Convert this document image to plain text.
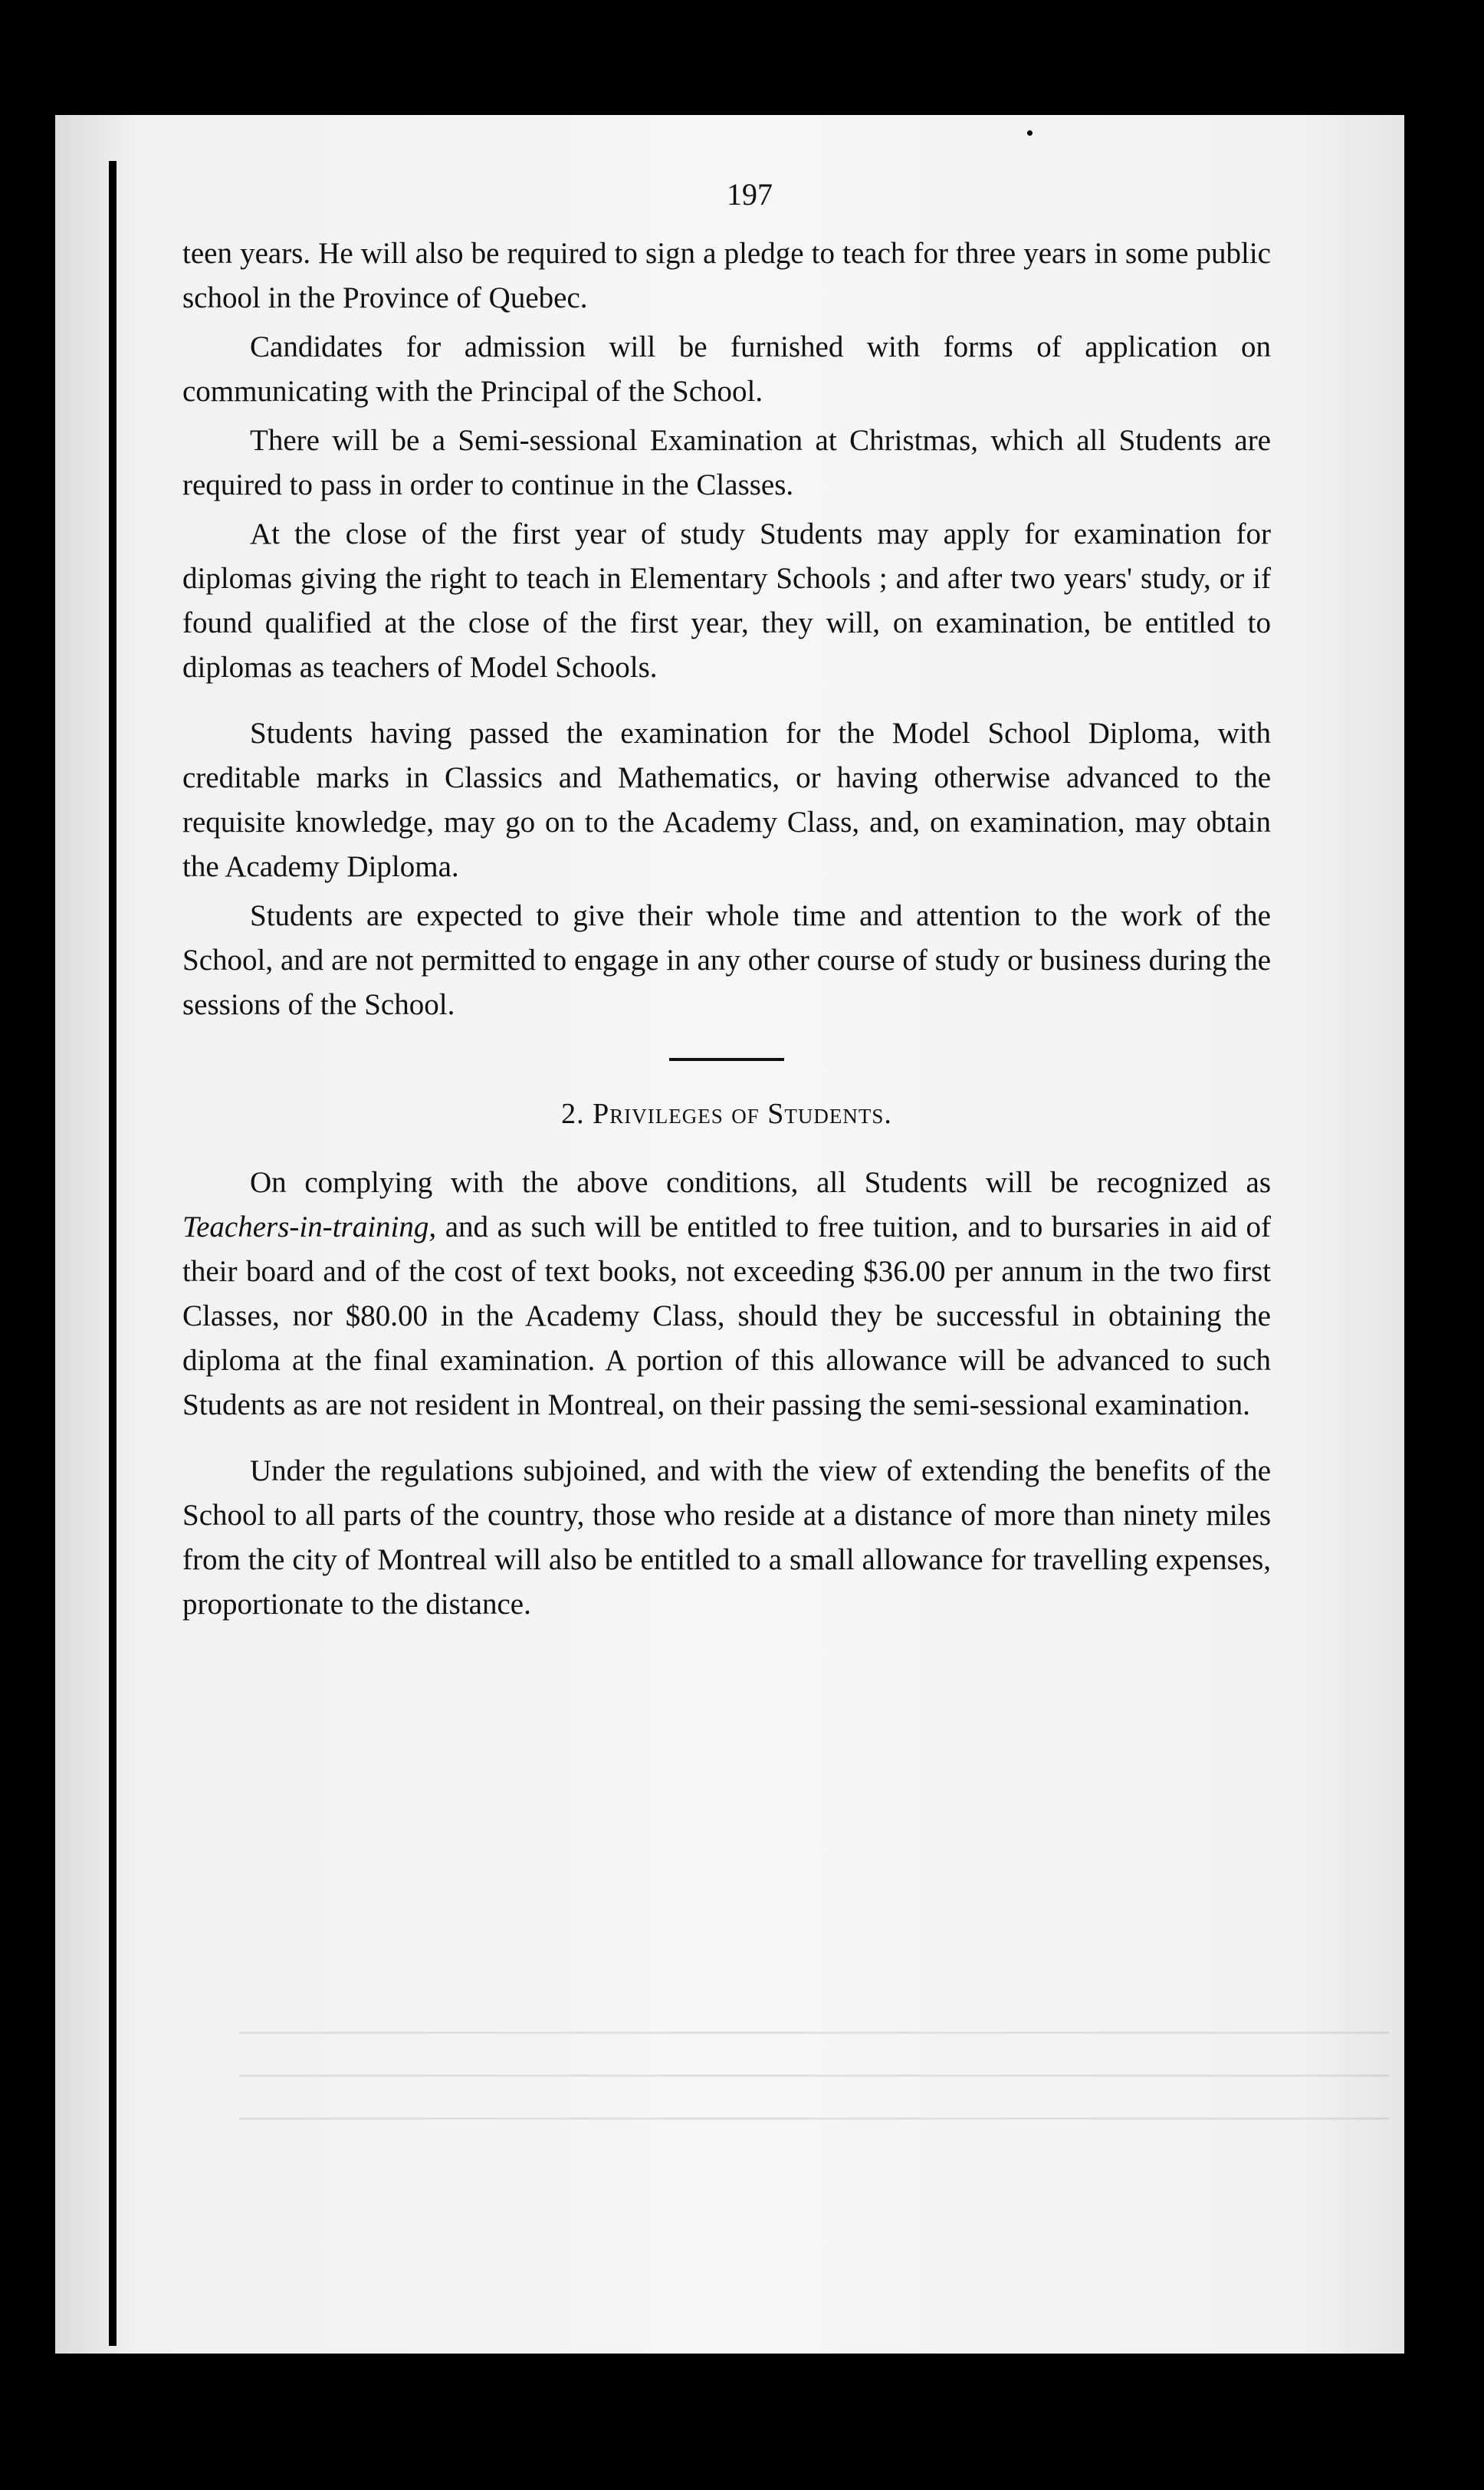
197

teen years. He will also be required to sign a pledge to teach for three years in some public school in the Province of Quebec.

Candidates for admission will be furnished with forms of application on communicating with the Principal of the School.

There will be a Semi-sessional Examination at Christmas, which all Students are required to pass in order to continue in the Classes.

At the close of the first year of study Students may apply for examination for diplomas giving the right to teach in Elementary Schools ; and after two years' study, or if found qualified at the close of the first year, they will, on examination, be entitled to diplomas as teachers of Model Schools.

Students having passed the examination for the Model School Diploma, with creditable marks in Classics and Mathematics, or having otherwise advanced to the requisite knowledge, may go on to the Academy Class, and, on examination, may obtain the Academy Diploma.

Students are expected to give their whole time and attention to the work of the School, and are not permitted to engage in any other course of study or business during the sessions of the School.

2. Privileges of Students.

On complying with the above conditions, all Students will be recognized as Teachers-in-training, and as such will be entitled to free tuition, and to bursaries in aid of their board and of the cost of text books, not exceeding $36.00 per annum in the two first Classes, nor $80.00 in the Academy Class, should they be successful in obtaining the diploma at the final examination. A portion of this allowance will be advanced to such Students as are not resident in Montreal, on their passing the semi-sessional examination.

Under the regulations subjoined, and with the view of extending the benefits of the School to all parts of the country, those who reside at a distance of more than ninety miles from the city of Montreal will also be entitled to a small allowance for travelling expenses, proportionate to the distance.
